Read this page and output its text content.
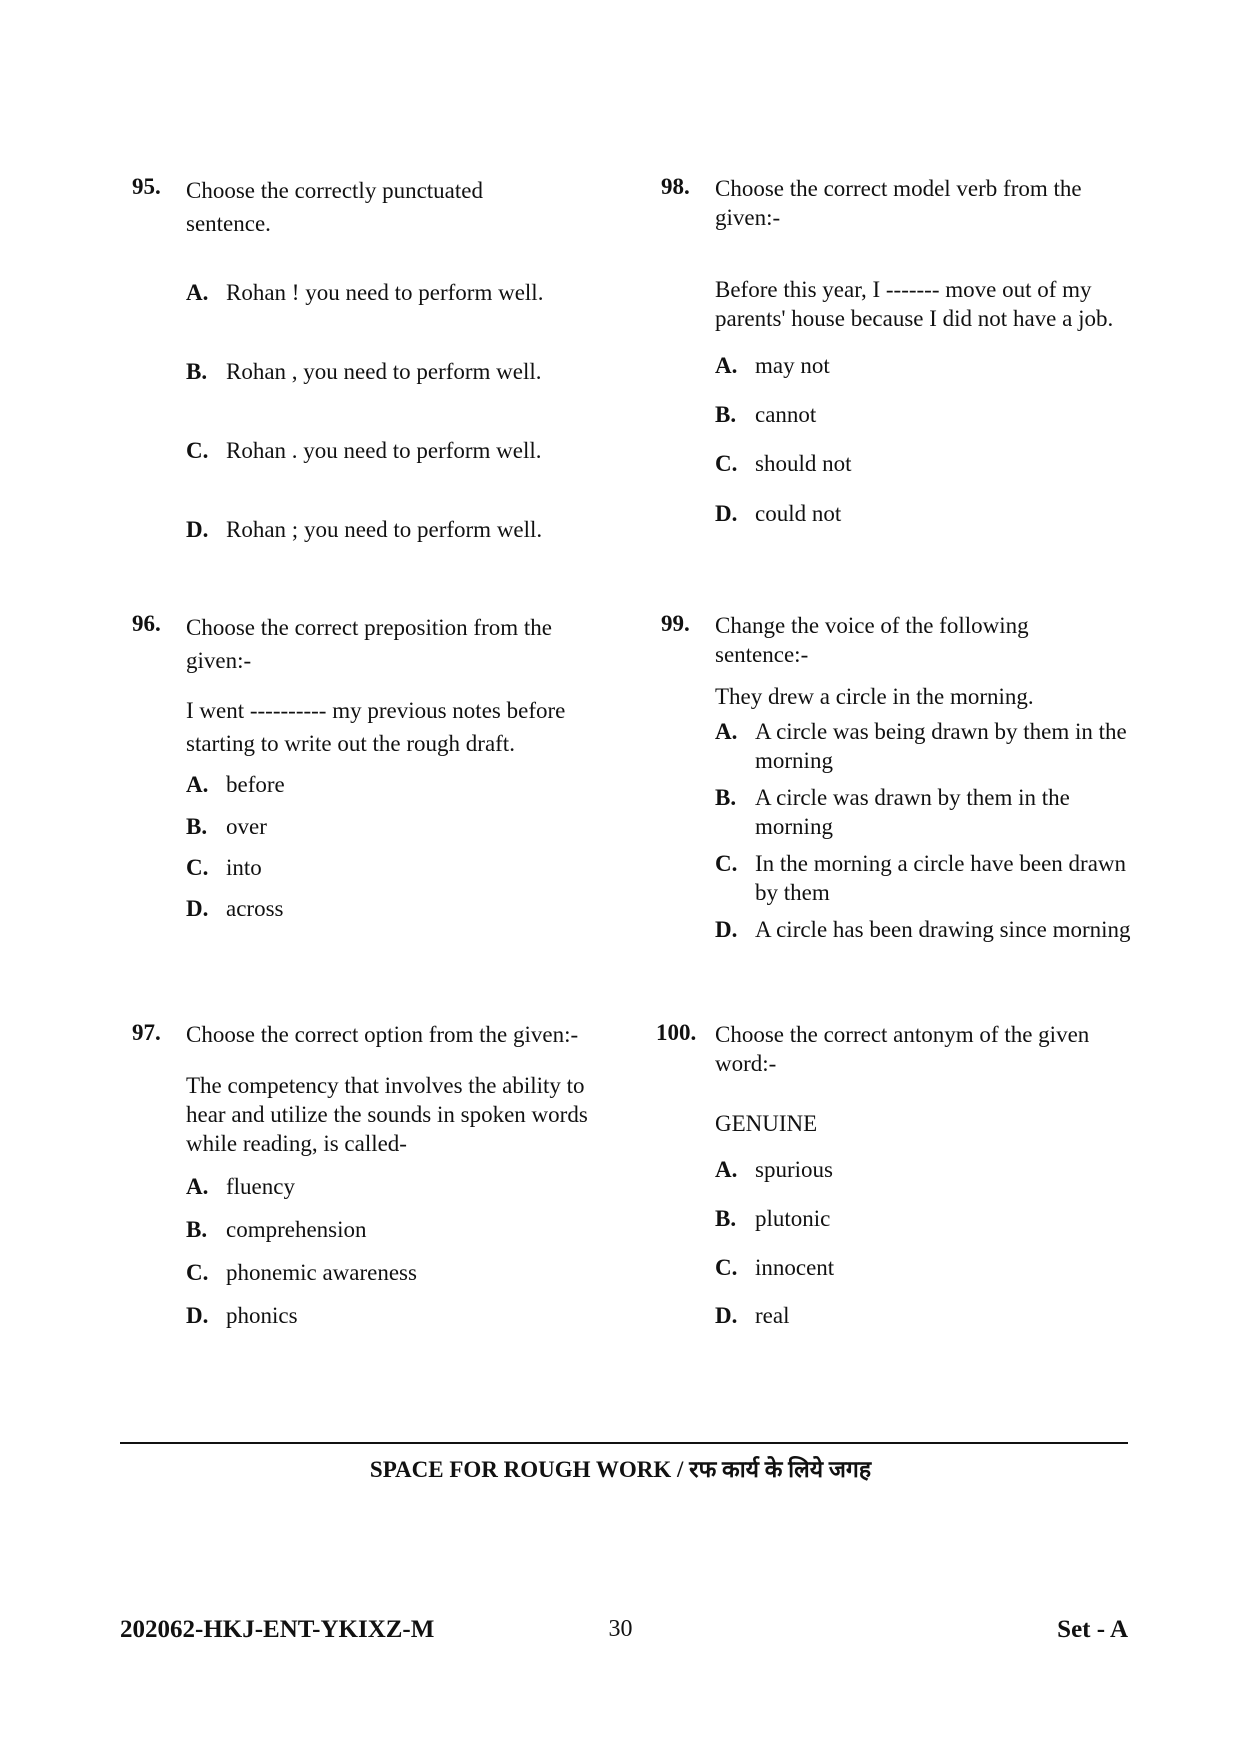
95. Choose the correctly punctuated sentence.

A. Rohan ! you need to perform well.
B. Rohan , you need to perform well.
C. Rohan . you need to perform well.
D. Rohan ; you need to perform well.
96. Choose the correct preposition from the given:-

I went ---------- my previous notes before starting to write out the rough draft.

A. before
B. over
C. into
D. across
97. Choose the correct option from the given:-

The competency that involves the ability to hear and utilize the sounds in spoken words while reading, is called-

A. fluency
B. comprehension
C. phonemic awareness
D. phonics
98. Choose the correct model verb from the given:-

Before this year, I ------- move out of my parents' house because I did not have a job.

A. may not
B. cannot
C. should not
D. could not
99. Change the voice of the following sentence:-

They drew a circle in the morning.

A. A circle was being drawn by them in the morning
B. A circle was drawn by them in the morning
C. In the morning a circle have been drawn by them
D. A circle has been drawing since morning
100. Choose the correct antonym of the given word:-

GENUINE

A. spurious
B. plutonic
C. innocent
D. real
SPACE FOR ROUGH WORK / रफ कार्य के लिये जगह
30
202062-HKJ-ENT-YKIXZ-M	Set - A
